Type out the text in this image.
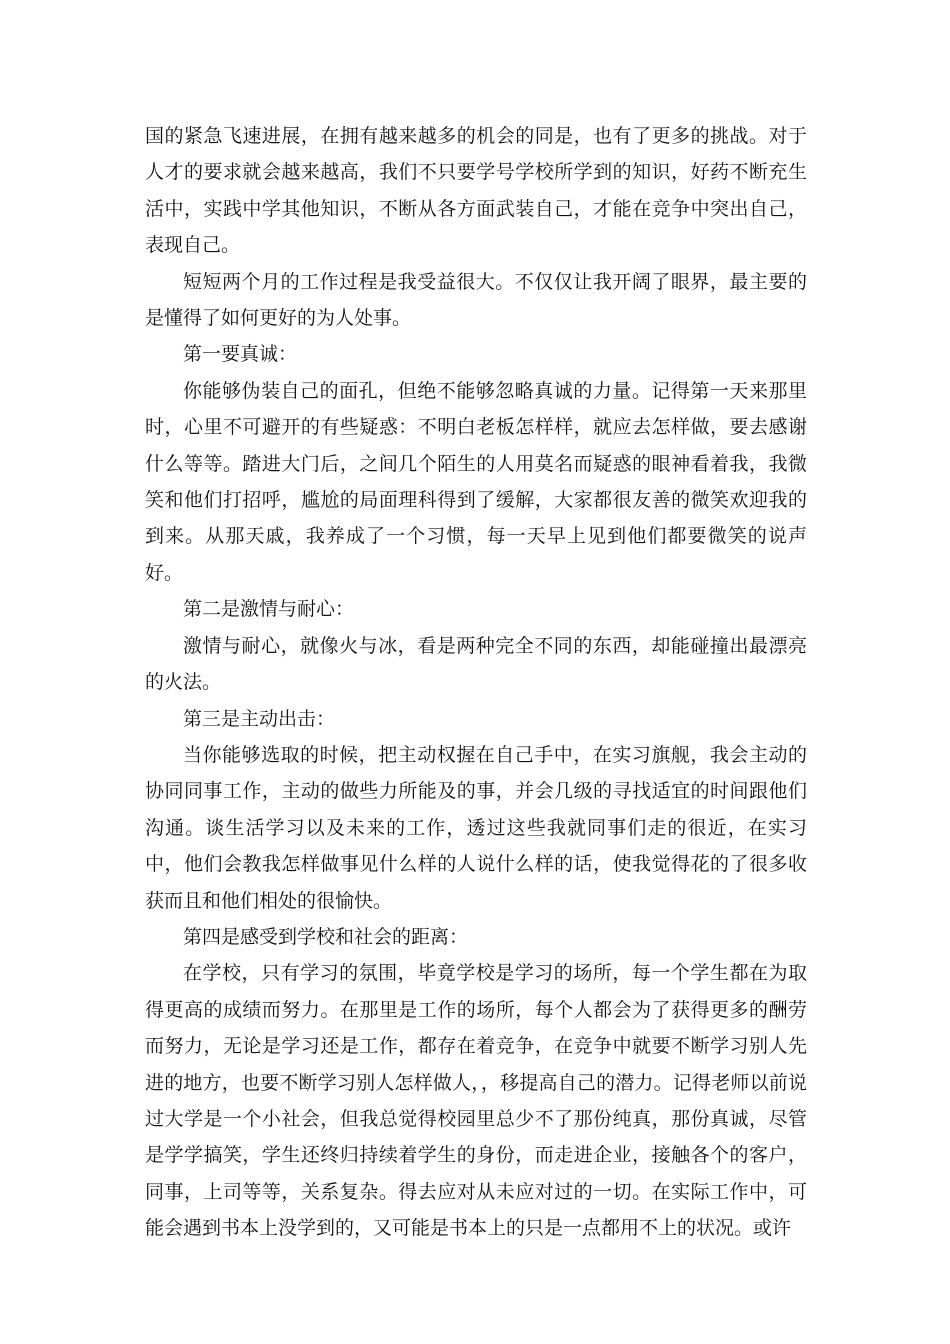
国的紧急飞速进展，在拥有越来越多的机会的同是，也有了更多的挑战。对于人才的要求就会越来越高，我们不只要学号学校所学到的知识，好药不断充生活中，实践中学其他知识，不断从各方面武装自己，才能在竞争中突出自己，表现自己。

短短两个月的工作过程是我受益很大。不仅仅让我开阔了眼界，最主要的是懂得了如何更好的为人处事。

第一要真诚：

你能够伪装自己的面孔，但绝不能够忽略真诚的力量。记得第一天来那里时，心里不可避开的有些疑惑：不明白老板怎样样，就应去怎样做，要去感谢什么等等。踏进大门后，之间几个陌生的人用莫名而疑惑的眼神看着我，我微笑和他们打招呼，尴尬的局面理科得到了缓解，大家都很友善的微笑欢迎我的到来。从那天戚，我养成了一个习惯，每一天早上见到他们都要微笑的说声好。

第二是激情与耐心：

激情与耐心，就像火与冰，看是两种完全不同的东西，却能碰撞出最漂亮的火法。

第三是主动出击：

当你能够选取的时候，把主动权握在自己手中，在实习旗舰，我会主动的协同同事工作，主动的做些力所能及的事，并会几级的寻找适宜的时间跟他们沟通。谈生活学习以及未来的工作，透过这些我就同事们走的很近，在实习中，他们会教我怎样做事见什么样的人说什么样的话，使我觉得花的了很多收获而且和他们相处的很愉快。

第四是感受到学校和社会的距离：

在学校，只有学习的氛围，毕竟学校是学习的场所，每一个学生都在为取得更高的成绩而努力。在那里是工作的场所，每个人都会为了获得更多的酬劳而努力，无论是学习还是工作，都存在着竞争，在竞争中就要不断学习别人先进的地方，也要不断学习别人怎样做人，，移提高自己的潜力。记得老师以前说过大学是一个小社会，但我总觉得校园里总少不了那份纯真，那份真诚，尽管是学学搞笑，学生还终归持续着学生的身份，而走进企业，接触各个的客户，同事，上司等等，关系复杂。得去应对从未应对过的一切。在实际工作中，可能会遇到书本上没学到的，又可能是书本上的只是一点都用不上的状况。或许
